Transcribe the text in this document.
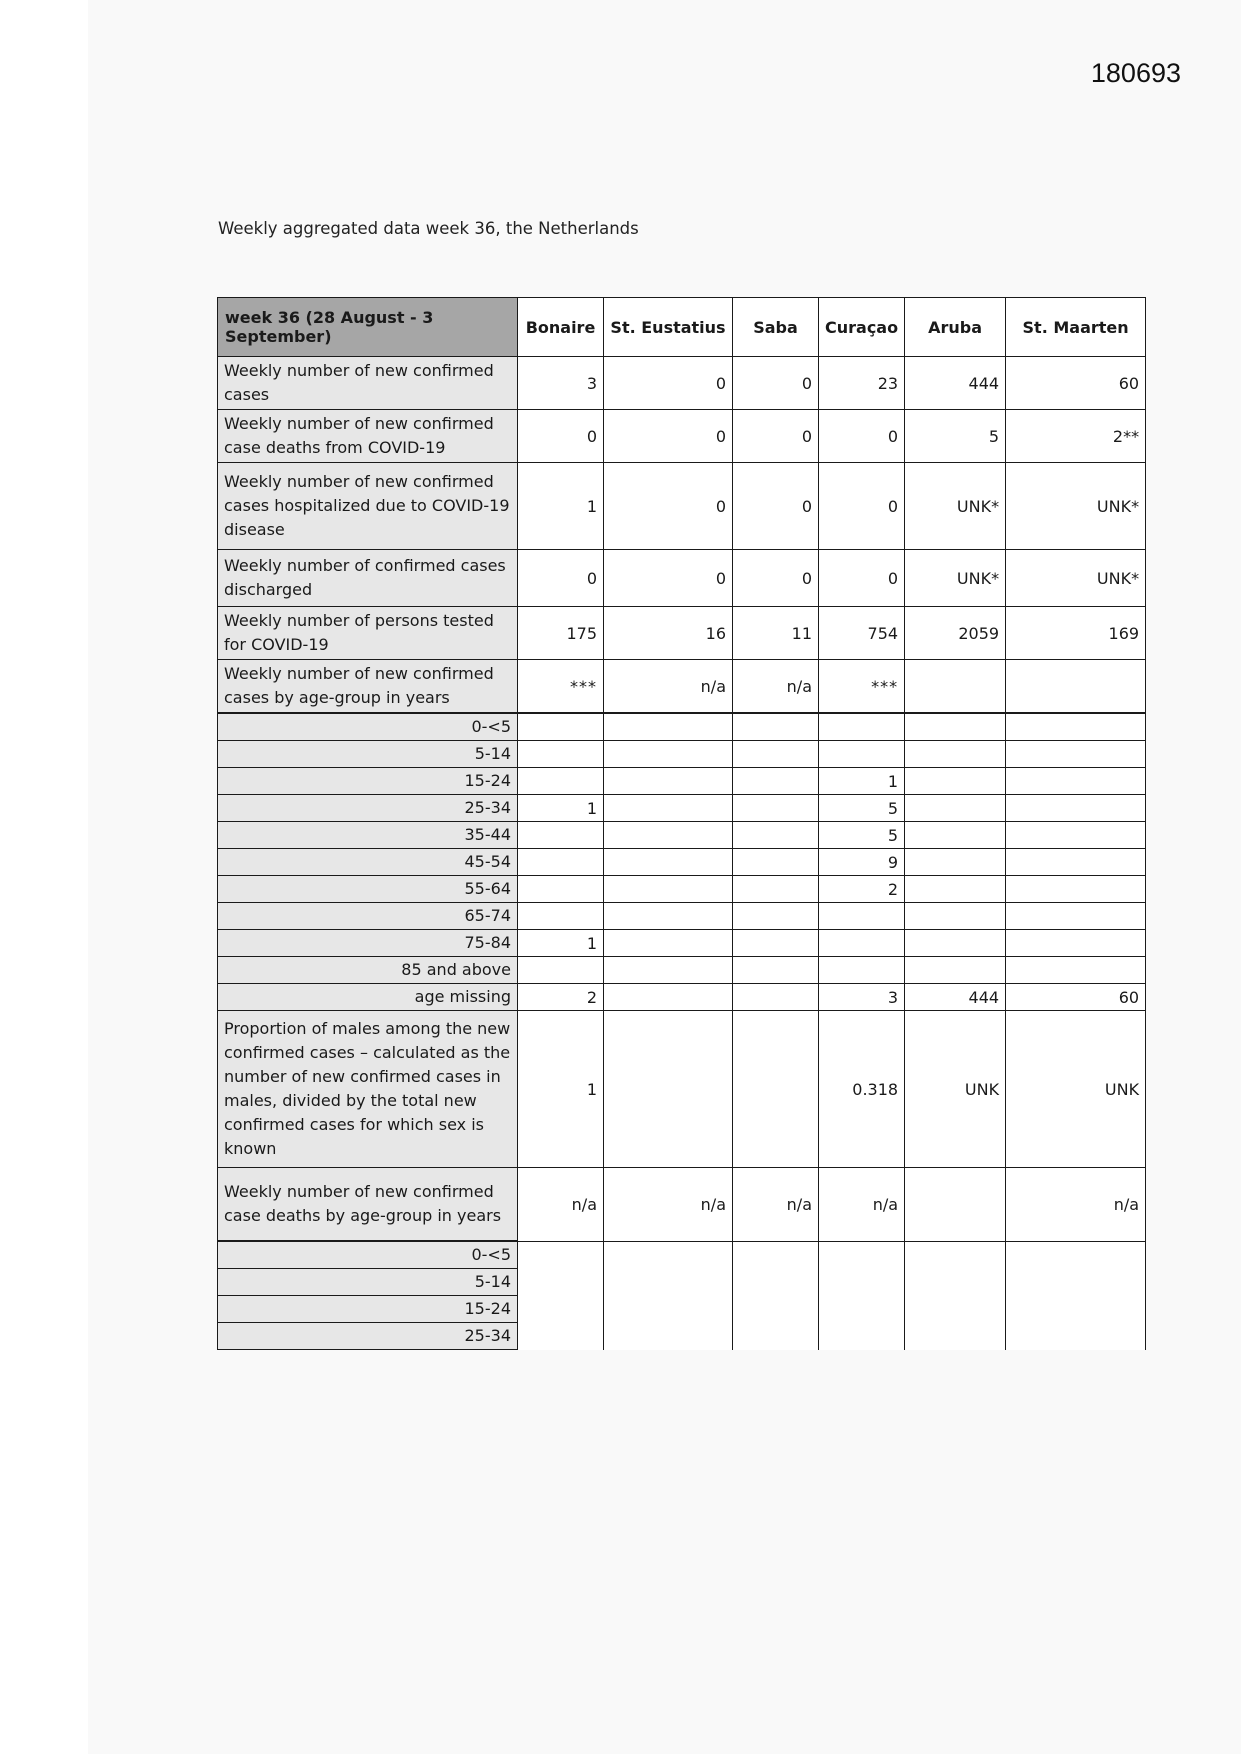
180693
Weekly aggregated data week 36, the Netherlands
week 36 (28 August - 3 September)	Bonaire	St. Eustatius	Saba	Curaçao	Aruba	St. Maarten
Weekly number of new confirmed cases	3	0	0	23	444	60
Weekly number of new confirmed case deaths from COVID-19	0	0	0	0	5	2**
Weekly number of new confirmed cases hospitalized due to COVID-19 disease	1	0	0	0	UNK*	UNK*
Weekly number of confirmed cases discharged	0	0	0	0	UNK*	UNK*
Weekly number of persons tested for COVID-19	175	16	11	754	2059	169
Weekly number of new confirmed cases by age-group in years	***	n/a	n/a	***		
0-<5						
5-14						
15-24				1		
25-34	1			5		
35-44				5		
45-54				9		
55-64				2		
65-74						
75-84	1					
85 and above						
age missing	2			3	444	60
Proportion of males among the new confirmed cases – calculated as the number of new confirmed cases in males, divided by the total new confirmed cases for which sex is known	1			0.318	UNK	UNK
Weekly number of new confirmed case deaths by age-group in years	n/a	n/a	n/a	n/a		n/a
0-<5						
5-14						
15-24						
25-34						
